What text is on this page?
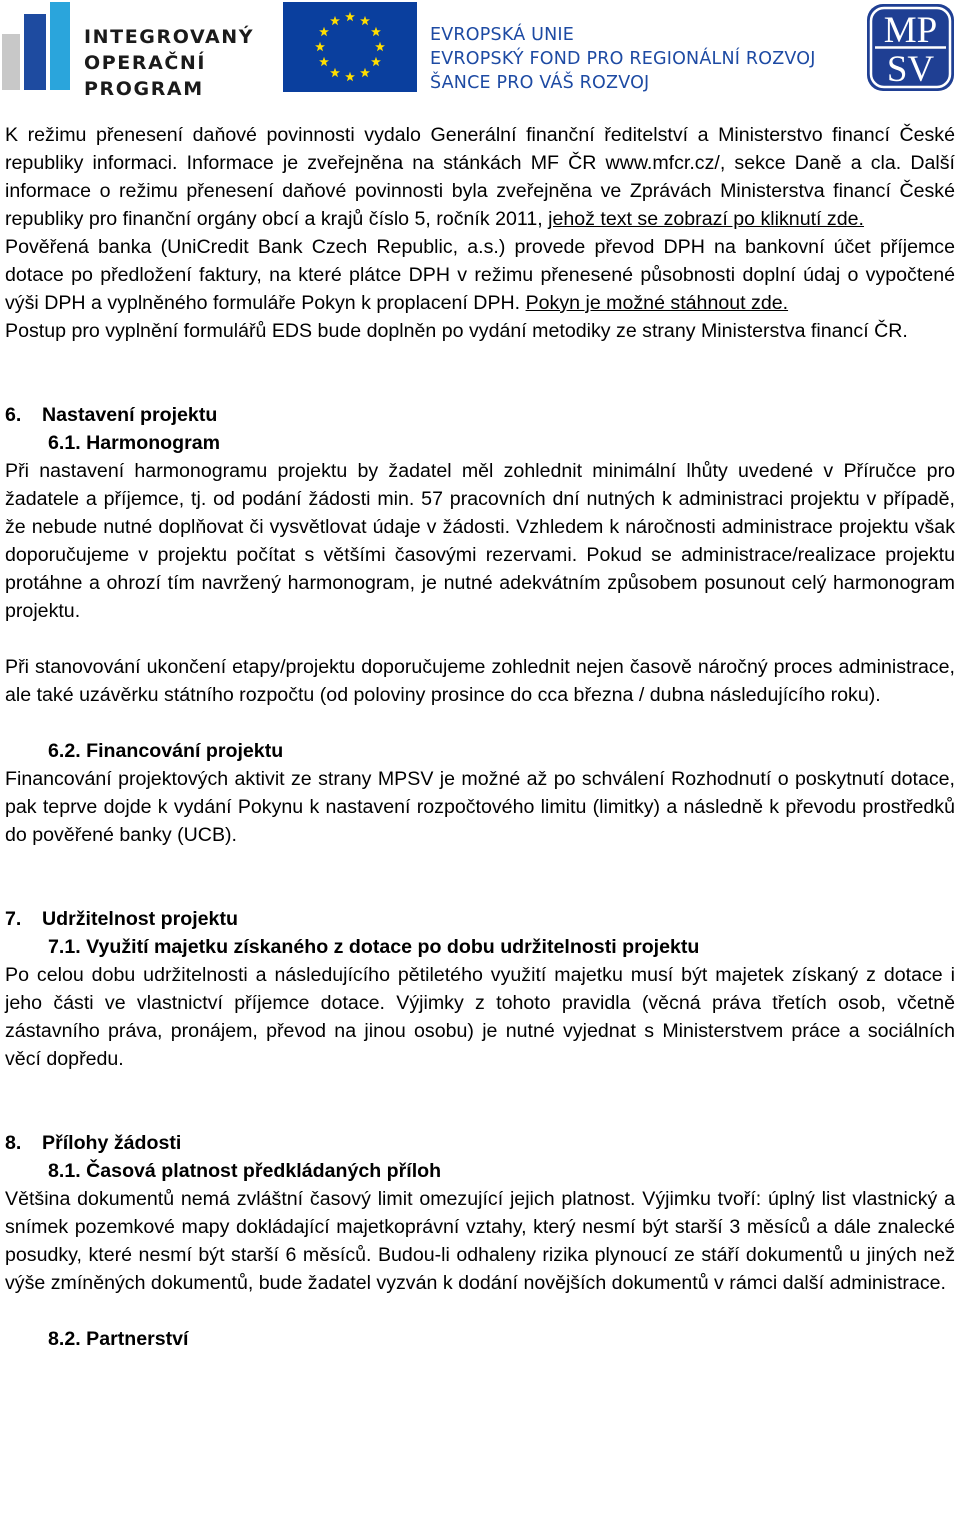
INTEGROVANÝ
OPERAČNÍ
PROGRAM
EVROPSKÁ UNIE
EVROPSKÝ FOND PRO REGIONÁLNÍ ROZVOJ
ŠANCE PRO VÁŠ ROZVOJ
MP
SV

K režimu přenesení daňové povinnosti vydalo Generální finanční ředitelství a Ministerstvo financí České republiky informaci. Informace je zveřejněna na stánkách MF ČR www.mfcr.cz/, sekce Daně a cla. Další informace o režimu přenesení daňové povinnosti byla zveřejněna ve Zprávách Ministerstva financí České republiky pro finanční orgány obcí a krajů číslo 5, ročník 2011, jehož text se zobrazí po kliknutí zde.

Pověřená banka (UniCredit Bank Czech Republic, a.s.) provede převod DPH na bankovní účet příjemce dotace po předložení faktury, na které plátce DPH v režimu přenesené působnosti doplní údaj o vypočtené výši DPH a vyplněného formuláře Pokyn k proplacení DPH. Pokyn je možné stáhnout zde.

Postup pro vyplnění formulářů EDS bude doplněn po vydání metodiky ze strany Ministerstva financí ČR.

6. Nastavení projektu

6.1. Harmonogram

Při nastavení harmonogramu projektu by žadatel měl zohlednit minimální lhůty uvedené v Příručce pro žadatele a příjemce, tj. od podání žádosti min. 57 pracovních dní nutných k administraci projektu v případě, že nebude nutné doplňovat či vysvětlovat údaje v žádosti. Vzhledem k náročnosti administrace projektu však doporučujeme v projektu počítat s většími časovými rezervami. Pokud se administrace/realizace projektu protáhne a ohrozí tím navržený harmonogram, je nutné adekvátním způsobem posunout celý harmonogram projektu.

Při stanovování ukončení etapy/projektu doporučujeme zohlednit nejen časově náročný proces administrace, ale také uzávěrku státního rozpočtu (od poloviny prosince do cca března / dubna následujícího roku).

6.2. Financování projektu

Financování projektových aktivit ze strany MPSV je možné až po schválení Rozhodnutí o poskytnutí dotace, pak teprve dojde k vydání Pokynu k nastavení rozpočtového limitu (limitky) a následně k převodu prostředků do pověřené banky (UCB).

7. Udržitelnost projektu

7.1. Využití majetku získaného z dotace po dobu udržitelnosti projektu

Po celou dobu udržitelnosti a následujícího pětiletého využití majetku musí být majetek získaný z dotace i jeho části ve vlastnictví příjemce dotace. Výjimky z tohoto pravidla (věcná práva třetích osob, včetně zástavního práva, pronájem, převod na jinou osobu) je nutné vyjednat s Ministerstvem práce a sociálních věcí dopředu.

8. Přílohy žádosti

8.1. Časová platnost předkládaných příloh

Většina dokumentů nemá zvláštní časový limit omezující jejich platnost. Výjimku tvoří: úplný list vlastnický a snímek pozemkové mapy dokládající majetkoprávní vztahy, který nesmí být starší 3 měsíců a dále znalecké posudky, které nesmí být starší 6 měsíců. Budou-li odhaleny rizika plynoucí ze stáří dokumentů u jiných než výše zmíněných dokumentů, bude žadatel vyzván k dodání novějších dokumentů v rámci další administrace.

8.2. Partnerství
